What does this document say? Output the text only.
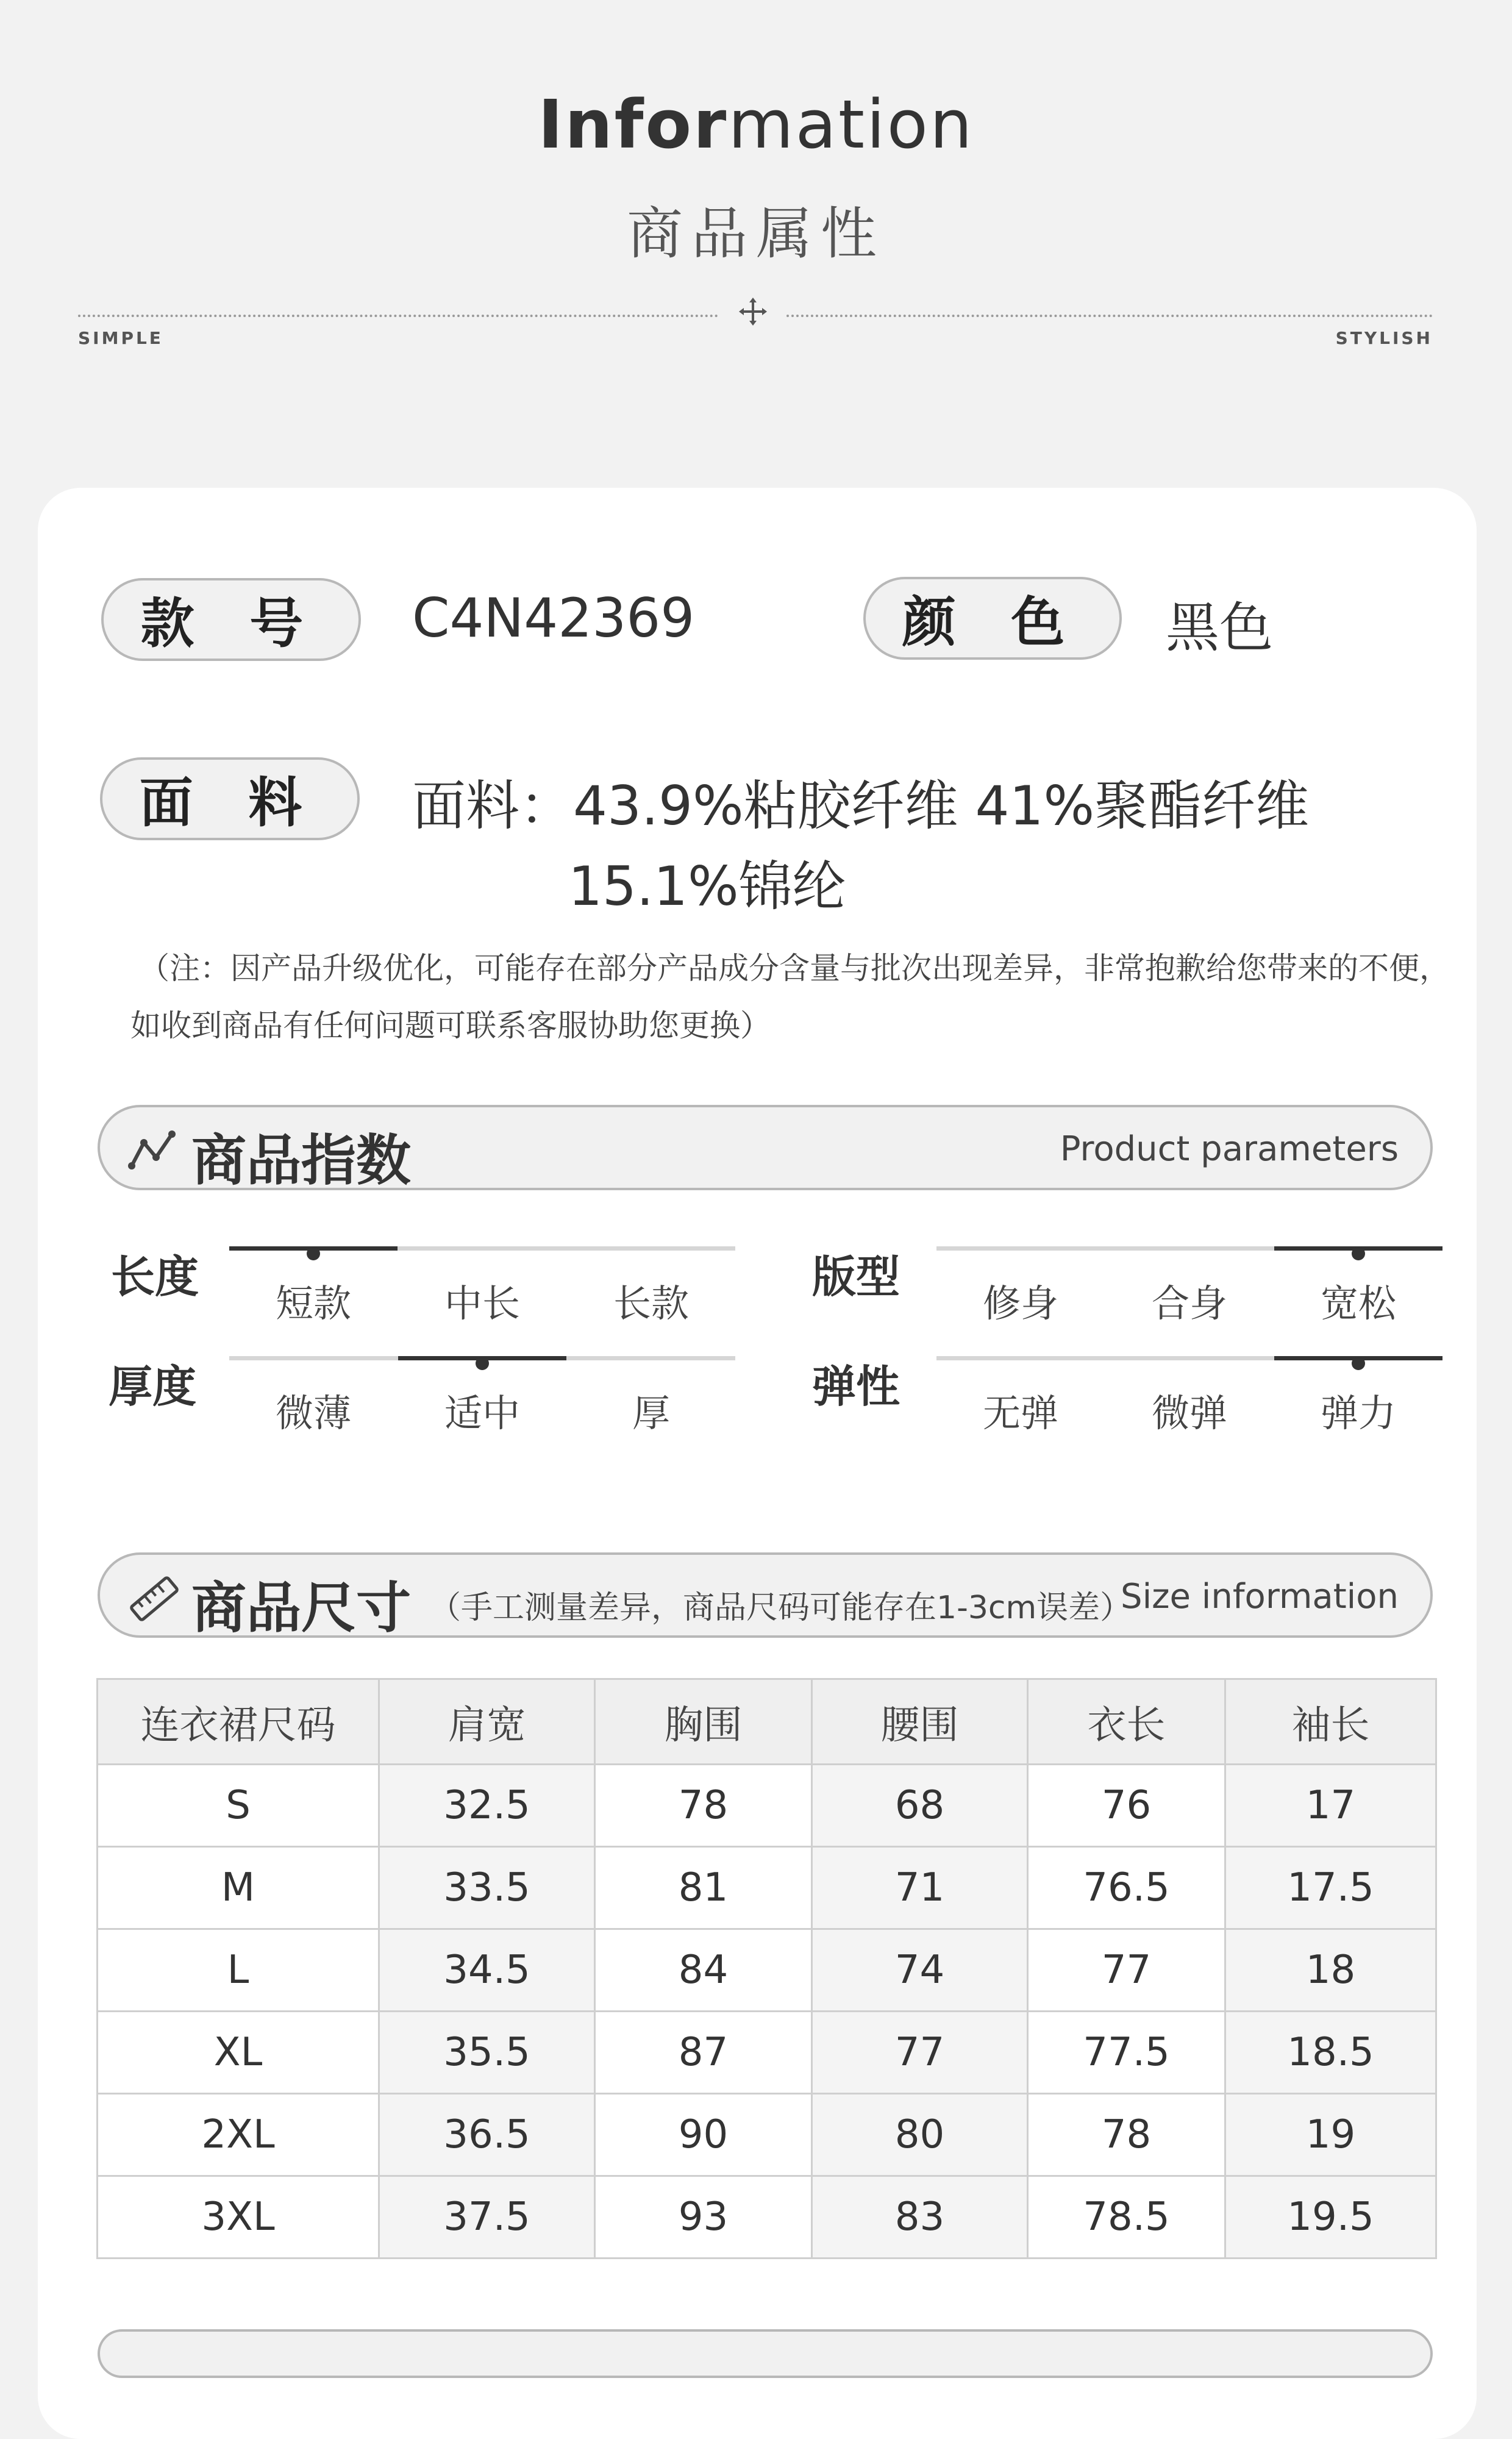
Information
商品属性
SIMPLE	STYLISH
款 号	C4N42369	颜 色	黑色
面 料	面料：43.9%粘胶纤维 41%聚酯纤维
15.1%锦纶
（注：因产品升级优化，可能存在部分产品成分含量与批次出现差异，非常抱歉给您带来的不便，
如收到商品有任何问题可联系客服协助您更换）
商品指数	Product parameters
长度
短款	中长	长款
版型
修身	合身	宽松
厚度
微薄	适中	厚
弹性
无弹	微弹	弹力
商品尺寸 （手工测量差异，商品尺码可能存在1-3cm误差）
Size information
连衣裙尺码	肩宽	胸围	腰围	衣长	袖长
S	32.5	78	68	76	17
M	33.5	81	71	76.5	17.5
L	34.5	84	74	77	18
XL	35.5	87	77	77.5	18.5
2XL	36.5	90	80	78	19
3XL	37.5	93	83	78.5	19.5
